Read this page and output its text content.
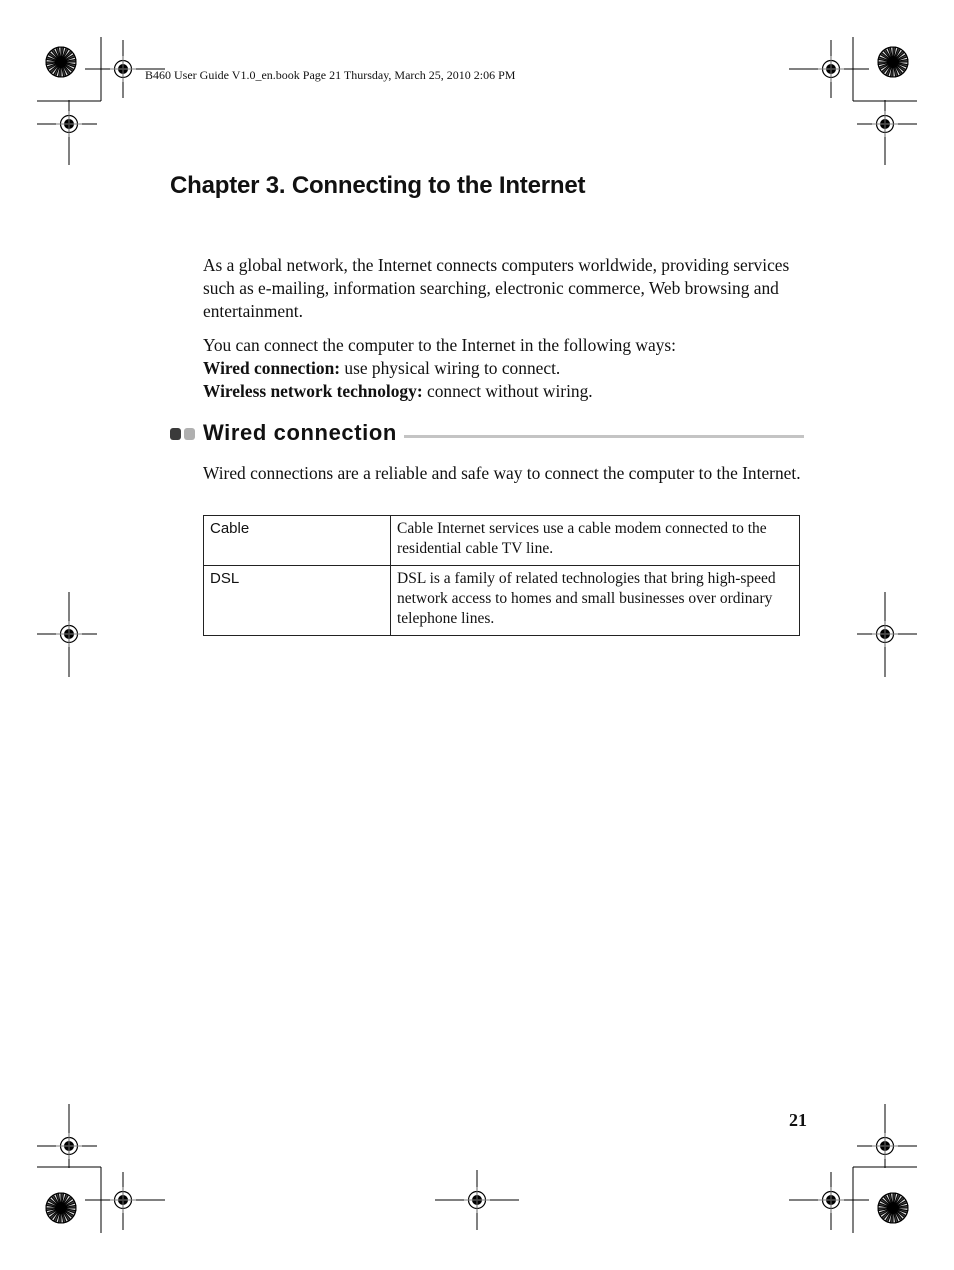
B460 User Guide V1.0_en.book Page 21 Thursday, March 25, 2010 2:06 PM
Chapter 3. Connecting to the Internet

As a global network, the Internet connects computers worldwide, providing services such as e-mailing, information searching, electronic commerce, Web browsing and entertainment.

You can connect the computer to the Internet in the following ways:

Wired connection: use physical wiring to connect.

Wireless network technology: connect without wiring.

Wired connection

Wired connections are a reliable and safe way to connect the computer to the Internet.

Cable	Cable Internet services use a cable modem connected to the residential cable TV line.
DSL	DSL is a family of related technologies that bring high-speed network access to homes and small businesses over ordinary telephone lines.
21
